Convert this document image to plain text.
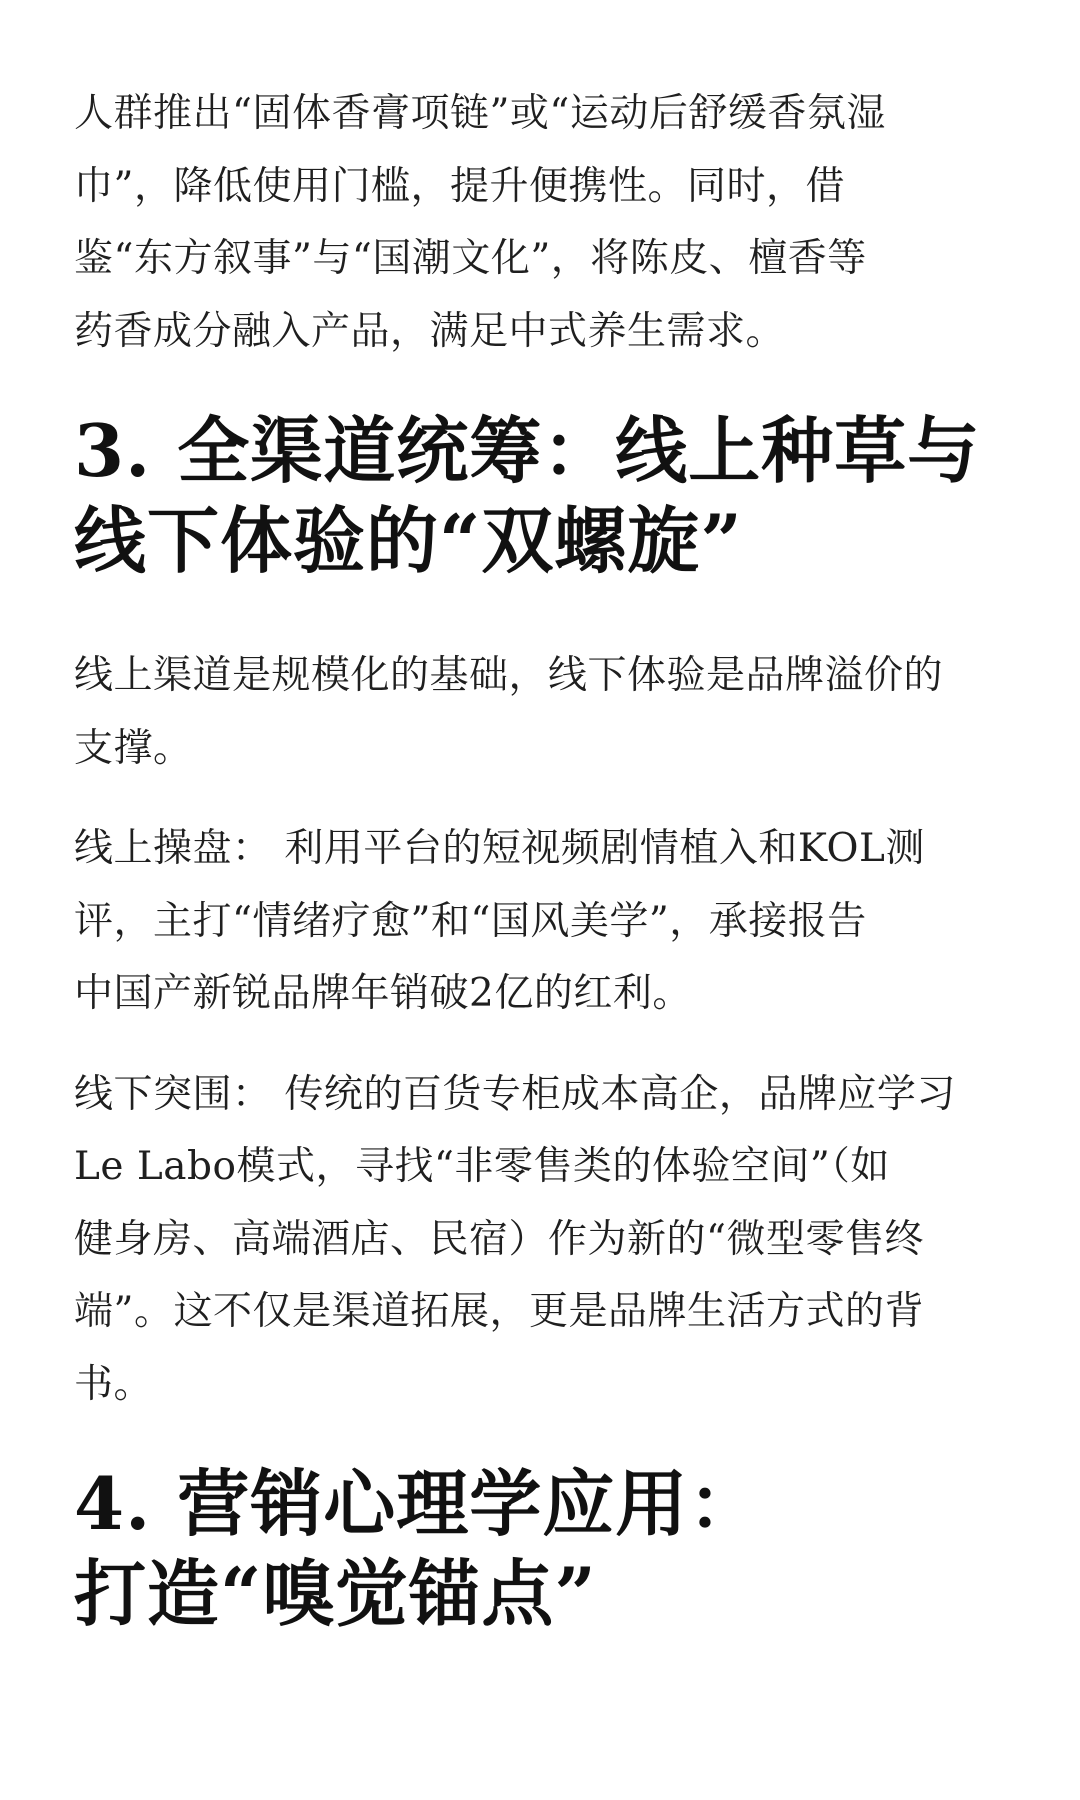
人群推出“固体香膏项链”或“运动后舒缓香氛湿
巾”，降低使用门槛，提升便携性。同时，借
鉴“东方叙事”与“国潮文化”，将陈皮、檀香等
药香成分融入产品，满足中式养生需求。

3. 全渠道统筹：线上种草与
线下体验的“双螺旋”

线上渠道是规模化的基础，线下体验是品牌溢价的
支撑。

线上操盘： 利用平台的短视频剧情植入和KOL测
评，主打“情绪疗愈”和“国风美学”，承接报告
中国产新锐品牌年销破2亿的红利。

线下突围： 传统的百货专柜成本高企，品牌应学习
Le Labo模式，寻找“非零售类的体验空间”（如
健身房、高端酒店、民宿）作为新的“微型零售终
端”。这不仅是渠道拓展，更是品牌生活方式的背
书。

4. 营销心理学应用：
打造“嗅觉锚点”
